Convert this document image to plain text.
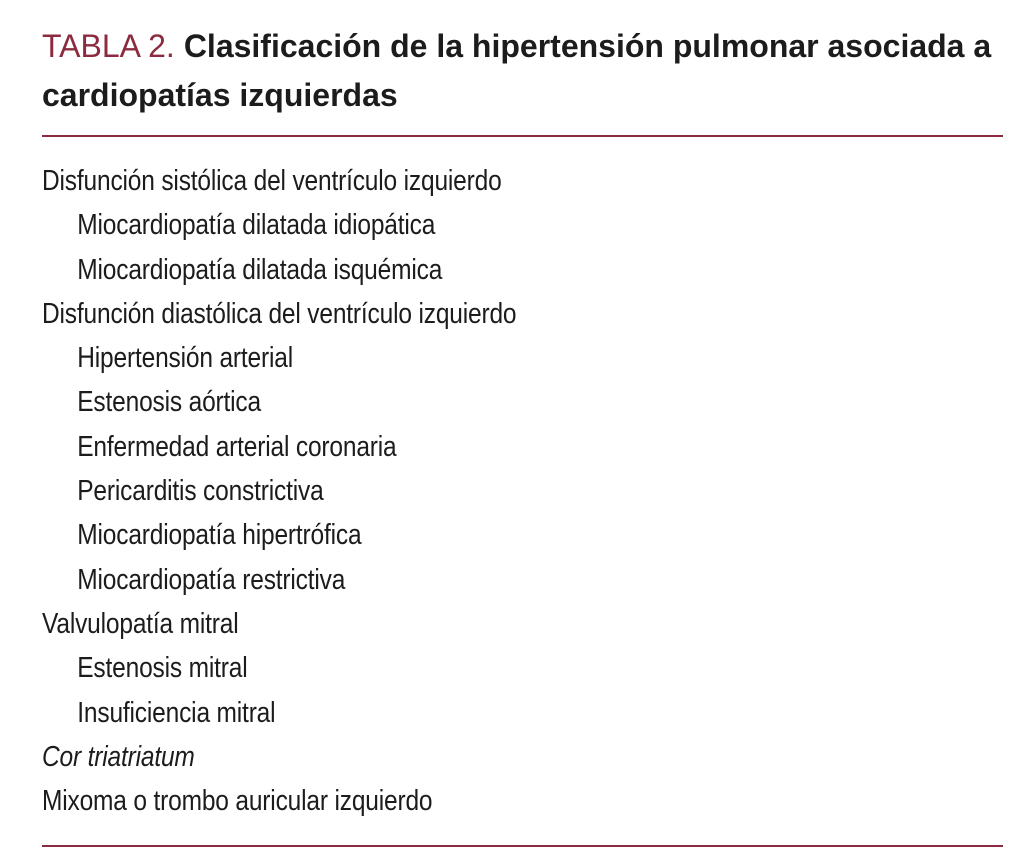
TABLA 2. Clasificación de la hipertensión pulmonar asociada a cardiopatías izquierdas
Disfunción sistólica del ventrículo izquierdo
Miocardiopatía dilatada idiopática
Miocardiopatía dilatada isquémica
Disfunción diastólica del ventrículo izquierdo
Hipertensión arterial
Estenosis aórtica
Enfermedad arterial coronaria
Pericarditis constrictiva
Miocardiopatía hipertrófica
Miocardiopatía restrictiva
Valvulopatía mitral
Estenosis mitral
Insuficiencia mitral
Cor triatriatum
Mixoma o trombo auricular izquierdo
